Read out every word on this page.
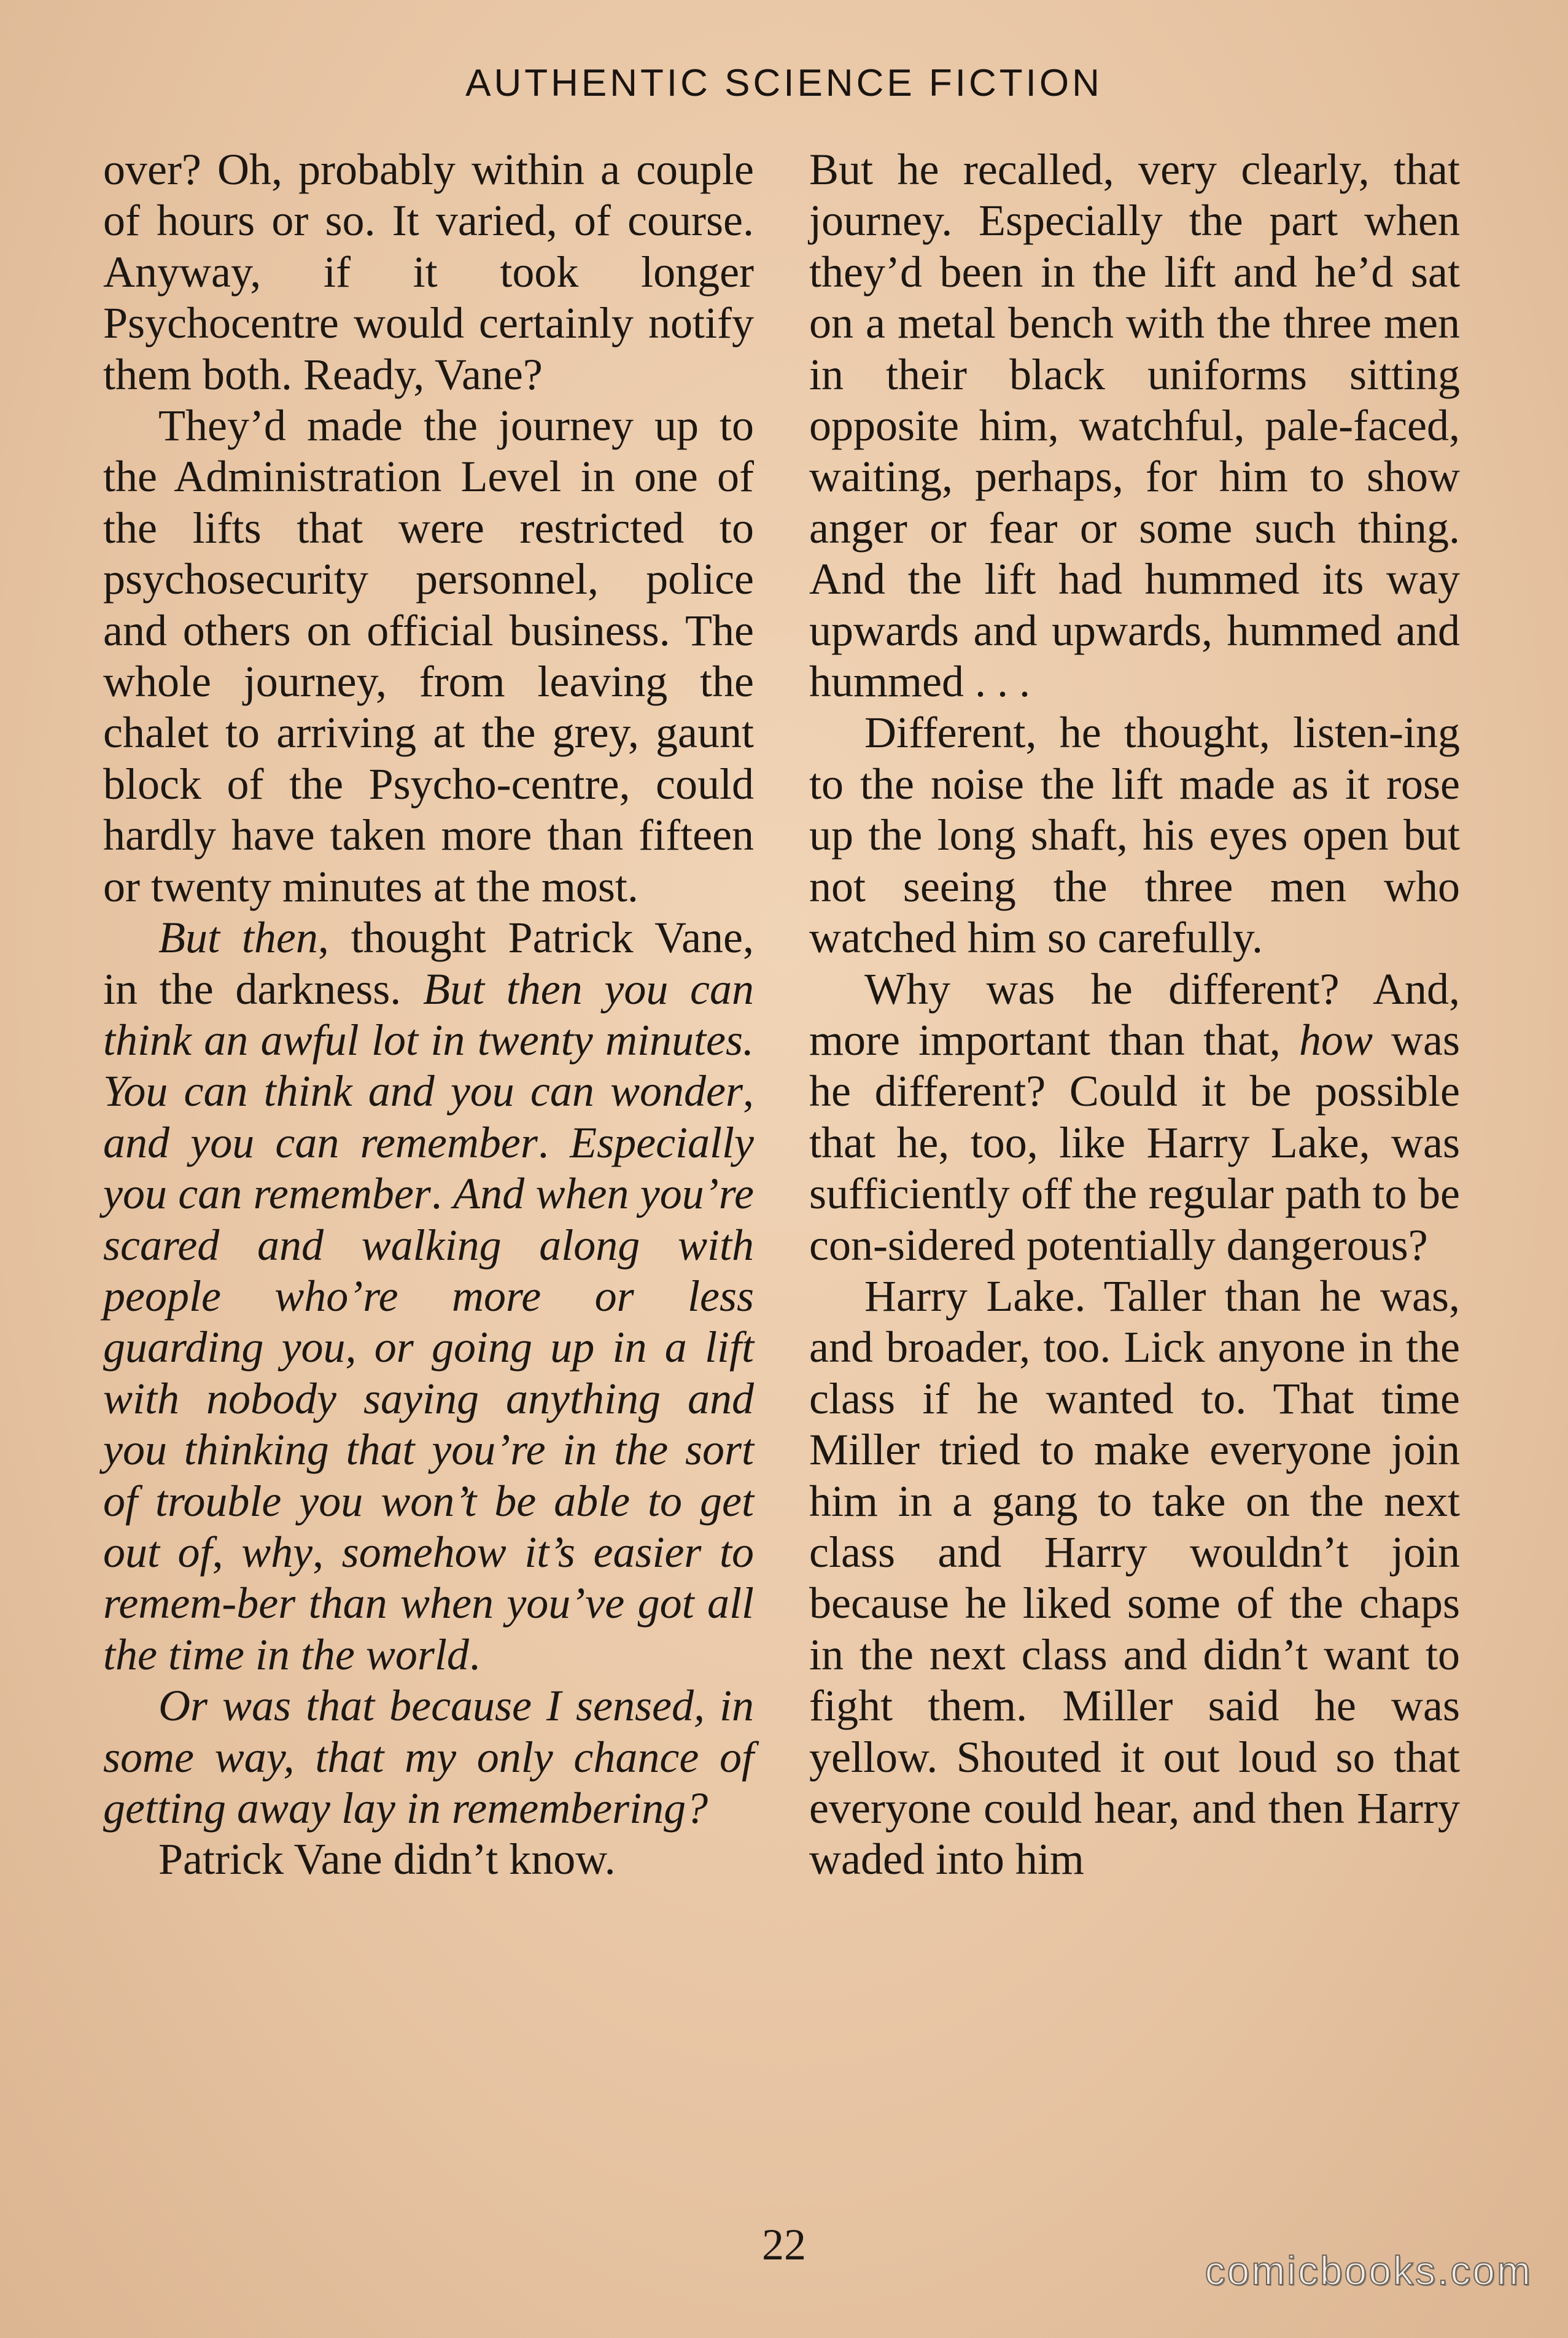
AUTHENTIC SCIENCE FICTION

over? Oh, probably within a couple of hours or so. It varied, of course. Anyway, if it took longer Psychocentre would certainly notify them both. Ready, Vane?

They’d made the journey up to the Administration Level in one of the lifts that were restricted to psychosecurity personnel, police and others on official business. The whole journey, from leaving the chalet to arriving at the grey, gaunt block of the Psycho-centre, could hardly have taken more than fifteen or twenty minutes at the most.

But then, thought Patrick Vane, in the darkness. But then you can think an awful lot in twenty minutes. You can think and you can wonder, and you can remember. Especially you can remember. And when you’re scared and walking along with people who’re more or less guarding you, or going up in a lift with nobody saying anything and you thinking that you’re in the sort of trouble you won’t be able to get out of, why, somehow it’s easier to remem-ber than when you’ve got all the time in the world.

Or was that because I sensed, in some way, that my only chance of getting away lay in remembering?

Patrick Vane didn’t know.

But he recalled, very clearly, that journey. Especially the part when they’d been in the lift and he’d sat on a metal bench with the three men in their black uniforms sitting opposite him, watchful, pale-faced, waiting, perhaps, for him to show anger or fear or some such thing. And the lift had hummed its way upwards and upwards, hummed and hummed . . .

Different, he thought, listen-ing to the noise the lift made as it rose up the long shaft, his eyes open but not seeing the three men who watched him so carefully.

Why was he different? And, more important than that, how was he different? Could it be possible that he, too, like Harry Lake, was sufficiently off the regular path to be con-sidered potentially dangerous?

Harry Lake. Taller than he was, and broader, too. Lick anyone in the class if he wanted to. That time Miller tried to make everyone join him in a gang to take on the next class and Harry wouldn’t join because he liked some of the chaps in the next class and didn’t want to fight them. Miller said he was yellow. Shouted it out loud so that everyone could hear, and then Harry waded into him

22
comicbooks.com
